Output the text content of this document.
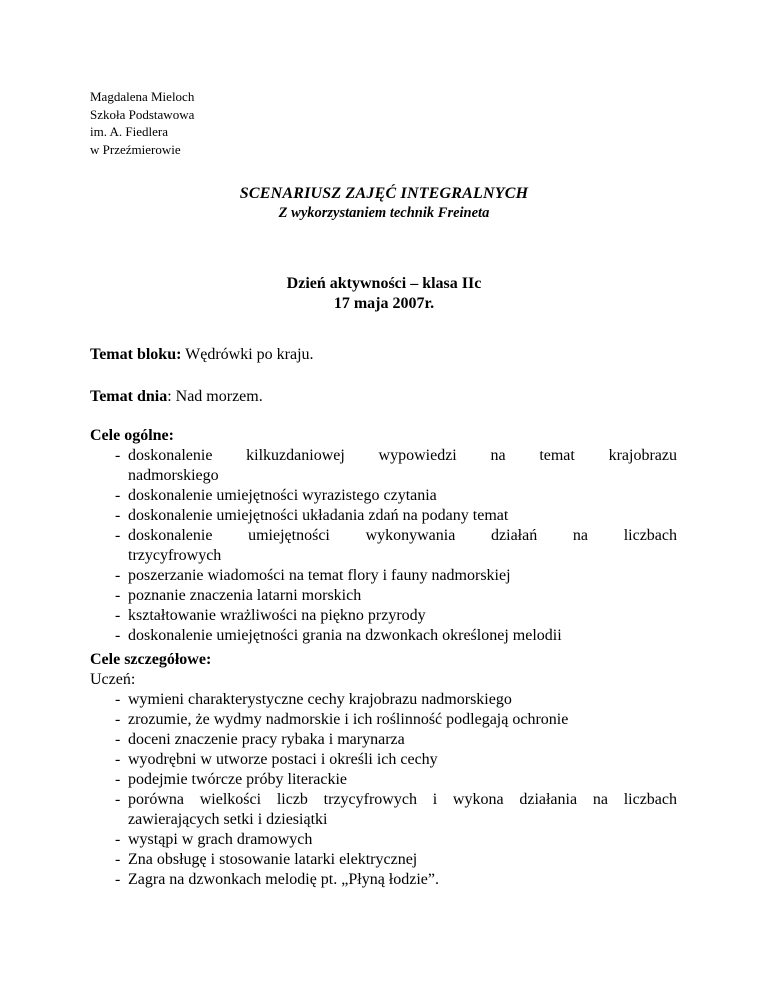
Magdalena Mieloch
Szkoła Podstawowa
im. A. Fiedlera
w Przeźmierowie
SCENARIUSZ ZAJĘĆ INTEGRALNYCH
Z wykorzystaniem technik Freineta
Dzień aktywności – klasa IIc
17 maja 2007r.
Temat bloku: Wędrówki po kraju.
Temat dnia: Nad morzem.
Cele ogólne:
- doskonalenie kilkuzdaniowej wypowiedzi na temat krajobrazu
nadmorskiego
- doskonalenie umiejętności wyrazistego czytania
- doskonalenie umiejętności układania zdań na podany temat
- doskonalenie umiejętności wykonywania działań na liczbach
trzycyfrowych
- poszerzanie wiadomości na temat flory i fauny nadmorskiej
- poznanie znaczenia latarni morskich
- kształtowanie wrażliwości na piękno przyrody
- doskonalenie umiejętności grania na dzwonkach określonej melodii
Cele szczegółowe:
Uczeń:
- wymieni charakterystyczne cechy krajobrazu nadmorskiego
- zrozumie, że wydmy nadmorskie i ich roślinność podlegają ochronie
- doceni znaczenie pracy rybaka i marynarza
- wyodrębni w utworze postaci i określi ich cechy
- podejmie twórcze próby literackie
- porówna wielkości liczb trzycyfrowych i wykona działania na liczbach
zawierających setki i dziesiątki
- wystąpi w grach dramowych
- Zna obsługę i stosowanie latarki elektrycznej
- Zagra na dzwonkach melodię pt. „Płyną łodzie”.
